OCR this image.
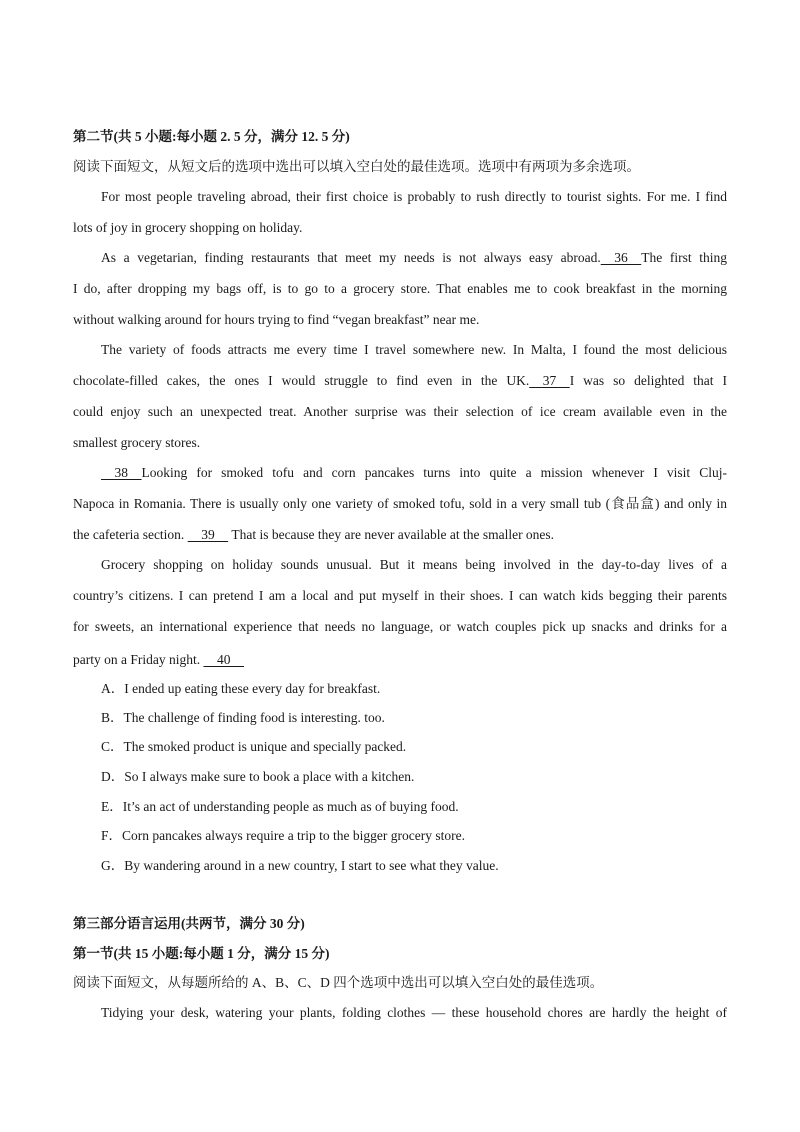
第二节(共 5 小题:每小题 2. 5 分，满分 12. 5 分)

阅读下面短文，从短文后的选项中选出可以填入空白处的最佳选项。选项中有两项为多余选项。

For most people traveling abroad, their first choice is probably to rush directly to tourist sights. For me. I find

lots of joy in grocery shopping on holiday.

As a vegetarian, finding restaurants that meet my needs is not always easy abroad.    36    The first thing

I do, after dropping my bags off, is to go to a grocery store. That enables me to cook breakfast in the morning

without walking around for hours trying to find “vegan breakfast” near me.

The variety of foods attracts me every time I travel somewhere new. In Malta, I found the most delicious

chocolate-filled cakes, the ones I would struggle to find even in the UK.    37    I was so delighted that I

could enjoy such an unexpected treat. Another surprise was their selection of ice cream available even in the

smallest grocery stores.

38    Looking for smoked tofu and corn pancakes turns into quite a mission whenever I visit Cluj-

Napoca in Romania. There is usually only one variety of smoked tofu, sold in a very small tub (食品盒) and only in

the cafeteria section.     39     That is because they are never available at the smaller ones.

Grocery shopping on holiday sounds unusual. But it means being involved in the day-to-day lives of a

country’s citizens. I can pretend I am a local and put myself in their shoes. I can watch kids begging their parents

for sweets, an international experience that needs no language, or watch couples pick up snacks and drinks for a

party on a Friday night.     40

A．I ended up eating these every day for breakfast.

B．The challenge of finding food is interesting. too.

C．The smoked product is unique and specially packed.

D．So I always make sure to book a place with a kitchen.

E．It’s an act of understanding people as much as of buying food.

F．Corn pancakes always require a trip to the bigger grocery store.

G．By wandering around in a new country, I start to see what they value.

第三部分语言运用(共两节，满分 30 分)

第一节(共 15 小题:每小题 1 分，满分 15 分)

阅读下面短文，从每题所给的 A、B、C、D 四个选项中选出可以填入空白处的最佳选项。

Tidying your desk, watering your plants, folding clothes — these household chores are hardly the height of
